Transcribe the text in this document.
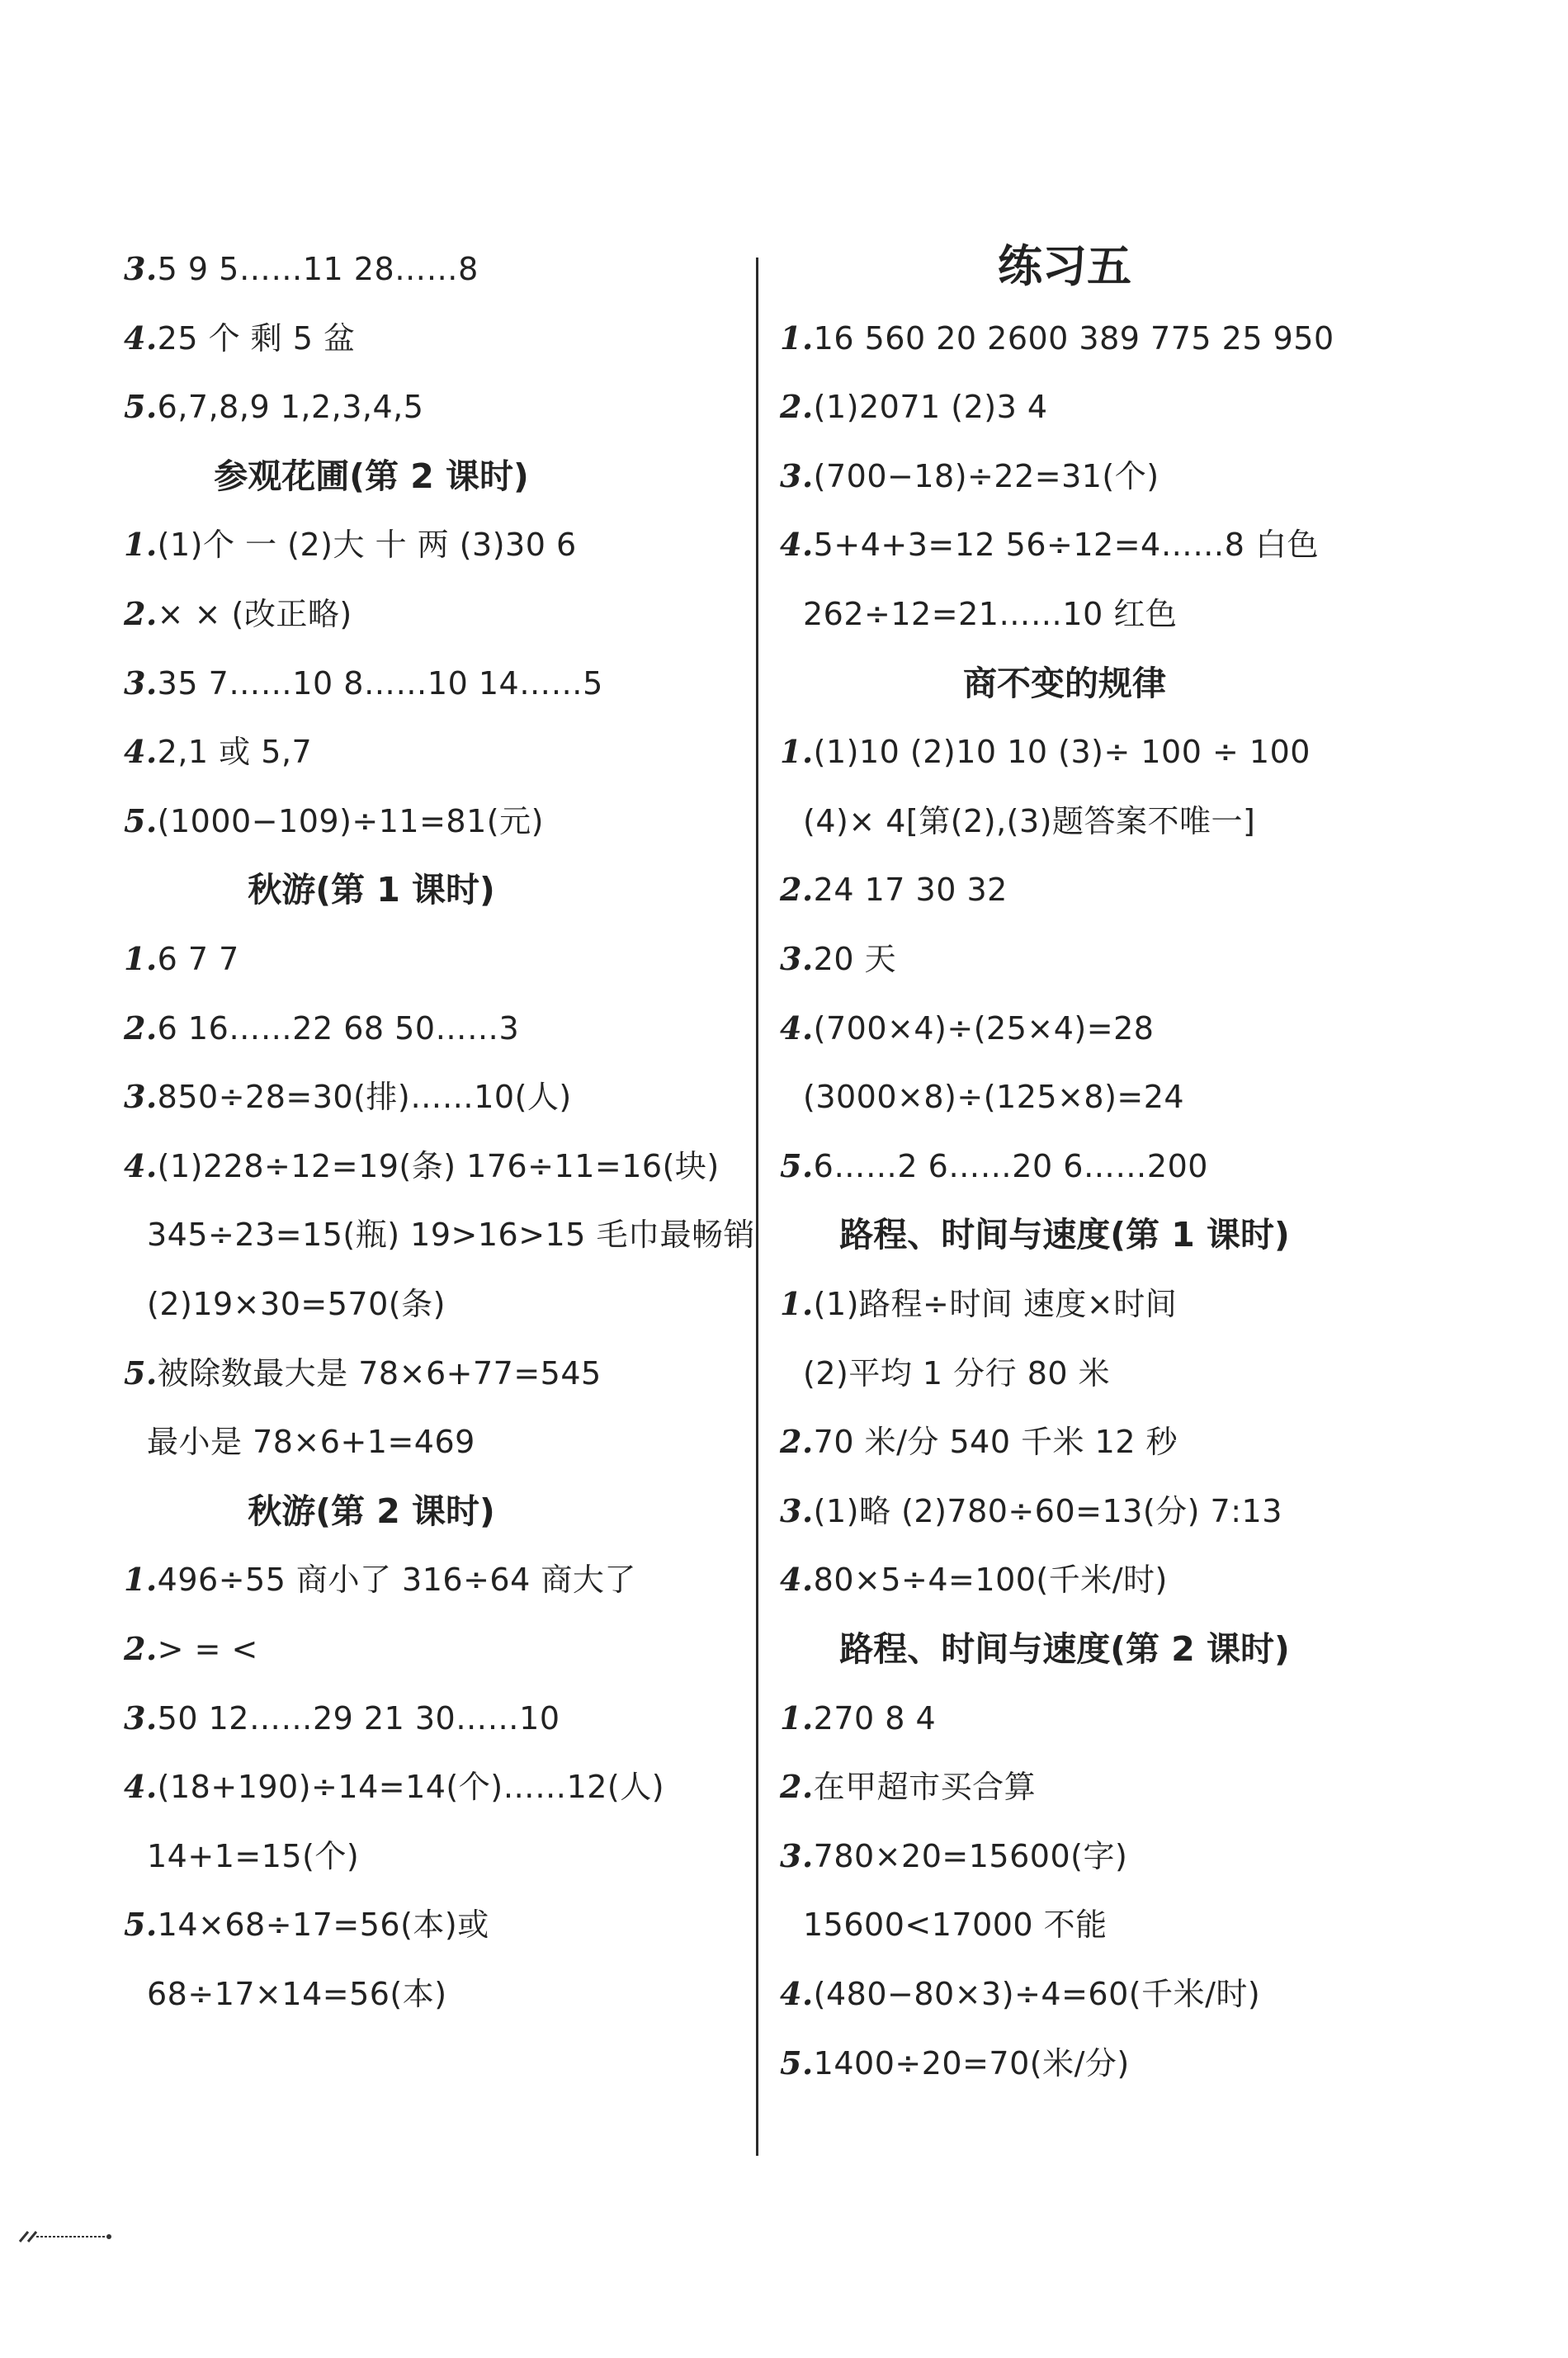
3.5 9 5……11 28……8
4.25 个 剩 5 盆
5.6,7,8,9 1,2,3,4,5
参观花圃(第 2 课时)
1.(1)个 一 (2)大 十 两 (3)30 6
2.× × (改正略)
3.35 7……10 8……10 14……5
4.2,1 或 5,7
5.(1000−109)÷11=81(元)
秋游(第 1 课时)
1.6 7 7
2.6 16……22 68 50……3
3.850÷28=30(排)……10(人)
4.(1)228÷12=19(条) 176÷11=16(块)
345÷23=15(瓶) 19>16>15 毛巾最畅销
(2)19×30=570(条)
5.被除数最大是 78×6+77=545
最小是 78×6+1=469
秋游(第 2 课时)
1.496÷55 商小了 316÷64 商大了
2.> = <
3.50 12……29 21 30……10
4.(18+190)÷14=14(个)……12(人)
14+1=15(个)
5.14×68÷17=56(本)或
68÷17×14=56(本)
练习五
1.16 560 20 2600 389 775 25 950
2.(1)2071 (2)3 4
3.(700−18)÷22=31(个)
4.5+4+3=12 56÷12=4……8 白色
262÷12=21……10 红色
商不变的规律
1.(1)10 (2)10 10 (3)÷ 100 ÷ 100
(4)× 4[第(2),(3)题答案不唯一]
2.24 17 30 32
3.20 天
4.(700×4)÷(25×4)=28
(3000×8)÷(125×8)=24
5.6……2 6……20 6……200
路程、时间与速度(第 1 课时)
1.(1)路程÷时间 速度×时间
(2)平均 1 分行 80 米
2.70 米/分 540 千米 12 秒
3.(1)略 (2)780÷60=13(分) 7:13
4.80×5÷4=100(千米/时)
路程、时间与速度(第 2 课时)
1.270 8 4
2.在甲超市买合算
3.780×20=15600(字)
15600<17000 不能
4.(480−80×3)÷4=60(千米/时)
5.1400÷20=70(米/分)
